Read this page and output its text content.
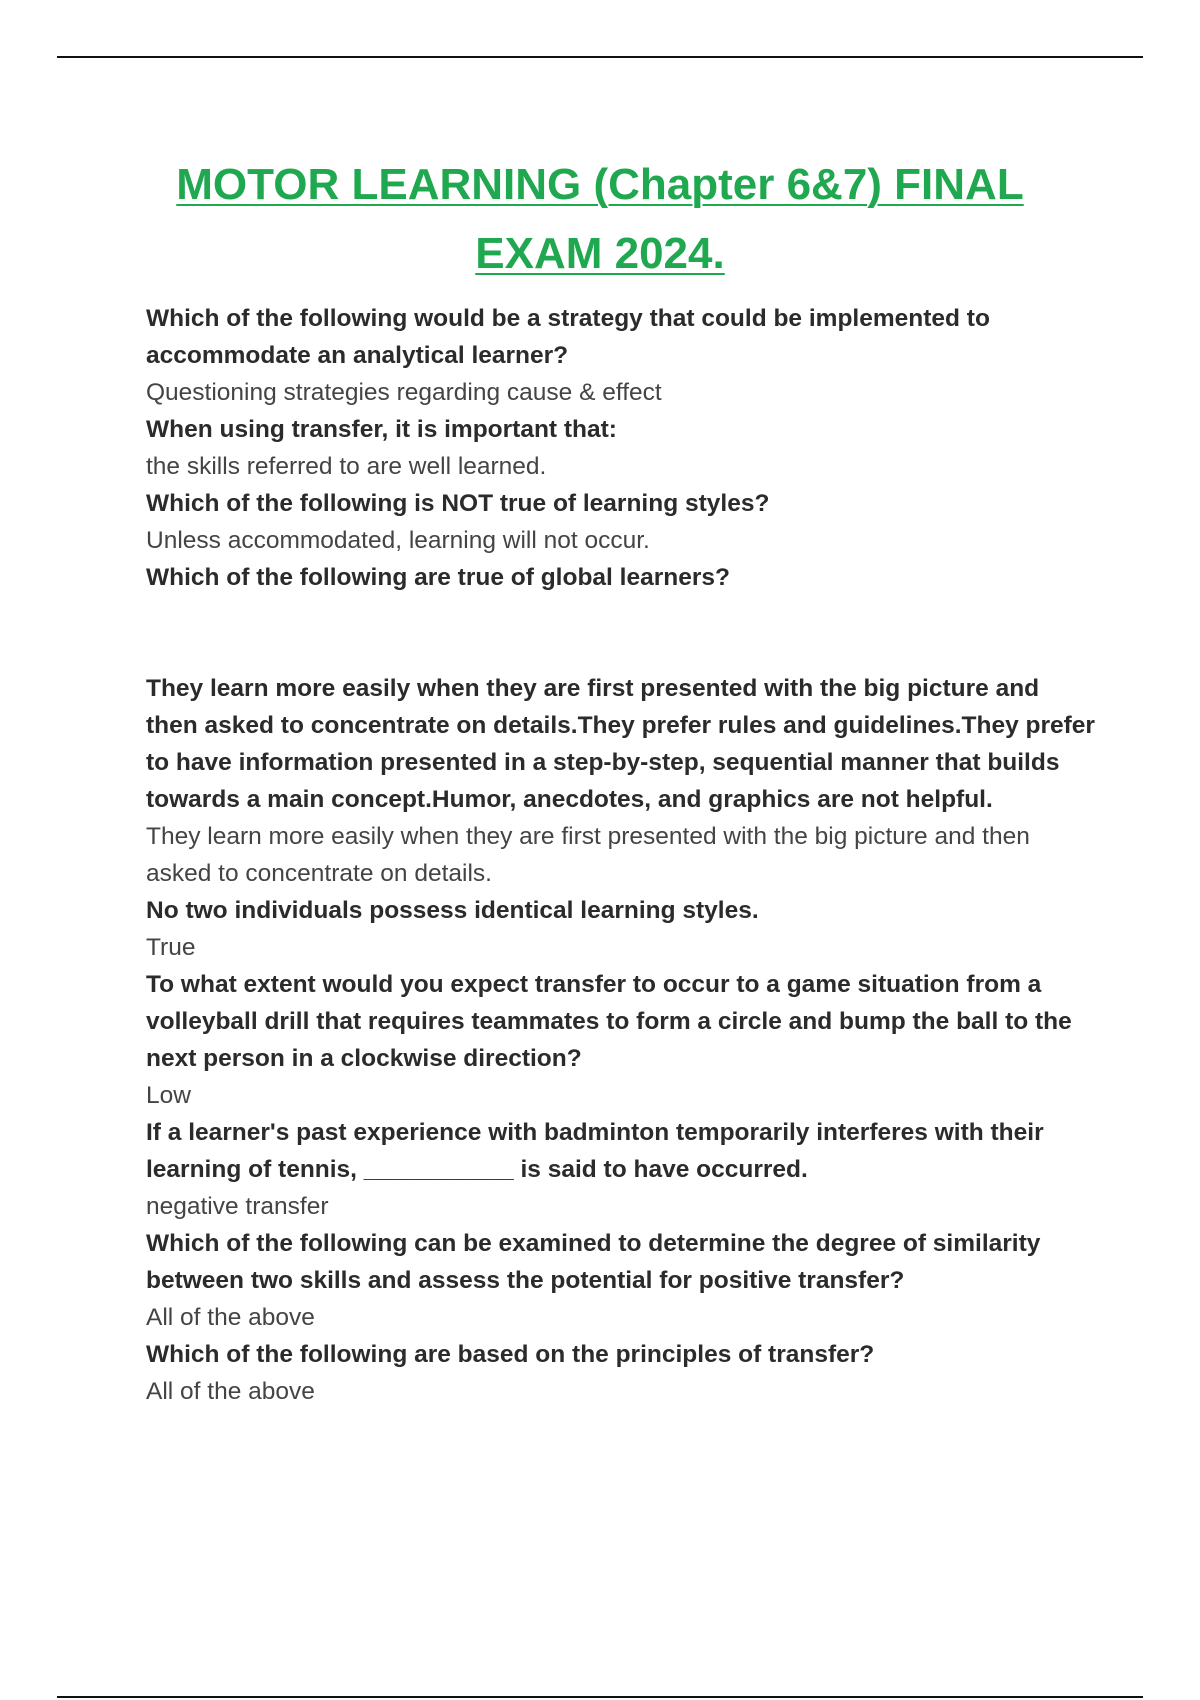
MOTOR LEARNING (Chapter 6&7) FINAL
EXAM 2024.
Which of the following would be a strategy that could be implemented to accommodate an analytical learner?
Questioning strategies regarding cause & effect
When using transfer, it is important that:
the skills referred to are well learned.
Which of the following is NOT true of learning styles?
Unless accommodated, learning will not occur.
Which of the following are true of global learners?
They learn more easily when they are first presented with the big picture and then asked to concentrate on details.They prefer rules and guidelines.They prefer to have information presented in a step-by-step, sequential manner that builds towards a main concept.Humor, anecdotes, and graphics are not helpful.
They learn more easily when they are first presented with the big picture and then asked to concentrate on details.
No two individuals possess identical learning styles.
True
To what extent would you expect transfer to occur to a game situation from a volleyball drill that requires teammates to form a circle and bump the ball to the next person in a clockwise direction?
Low
If a learner's past experience with badminton temporarily interferes with their learning of tennis, ___________ is said to have occurred.
negative transfer
Which of the following can be examined to determine the degree of similarity between two skills and assess the potential for positive transfer?
All of the above
Which of the following are based on the principles of transfer?
All of the above
